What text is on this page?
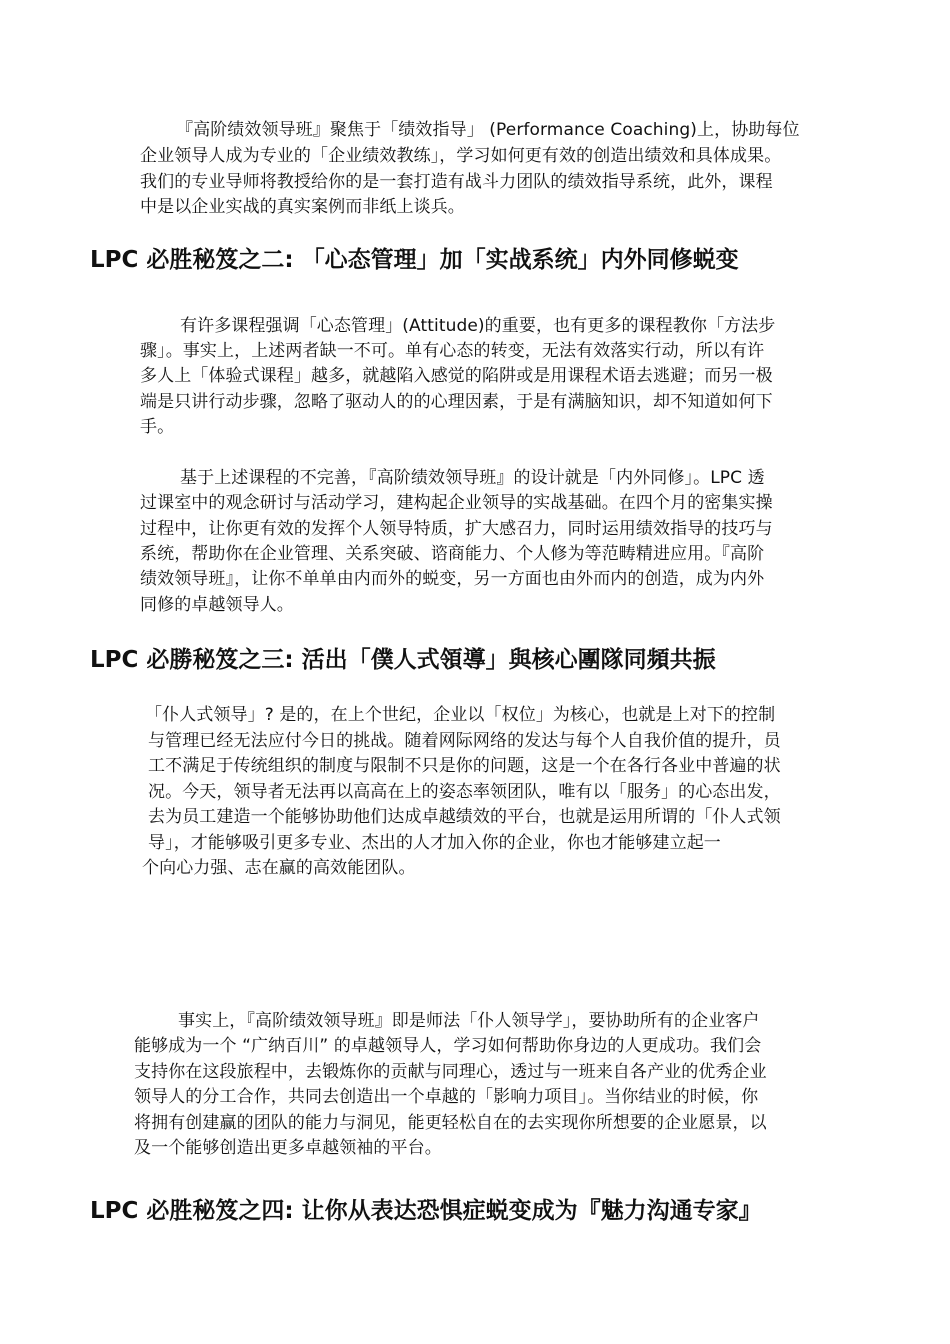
『高阶绩效领导班』聚焦于「绩效指导」 (Performance Coaching)上，协助每位
企业领导人成为专业的「企业绩效教练」，学习如何更有效的创造出绩效和具体成果。
我们的专业导师将教授给你的是一套打造有战斗力团队的绩效指导系统，此外，课程
中是以企业实战的真实案例而非纸上谈兵。
LPC 必胜秘笈之二: 「心态管理」加「实战系统」内外同修蜕变
有许多课程强调「心态管理」(Attitude)的重要，也有更多的课程教你「方法步
骤」。事实上，上述两者缺一不可。单有心态的转变，无法有效落实行动，所以有许
多人上「体验式课程」越多，就越陷入感觉的陷阱或是用课程术语去逃避；而另一极
端是只讲行动步骤，忽略了驱动人的的心理因素，于是有满脑知识，却不知道如何下
手。
基于上述课程的不完善，『高阶绩效领导班』的设计就是「内外同修」。LPC 透
过课室中的观念研讨与活动学习，建构起企业领导的实战基础。在四个月的密集实操
过程中，让你更有效的发挥个人领导特质，扩大感召力，同时运用绩效指导的技巧与
系统，帮助你在企业管理、关系突破、谘商能力、个人修为等范畴精进应用。『高阶
绩效领导班』，让你不单单由内而外的蜕变，另一方面也由外而内的创造，成为内外
同修的卓越领导人。
LPC 必勝秘笈之三: 活出「僕人式領導」與核心團隊同頻共振
「仆人式领导」? 是的，在上个世纪，企业以「权位」为核心，也就是上对下的控制
与管理已经无法应付今日的挑战。随着网际网络的发达与每个人自我价值的提升，员
工不满足于传统组织的制度与限制不只是你的问题，这是一个在各行各业中普遍的状
况。今天，领导者无法再以高高在上的姿态率领团队，唯有以「服务」的心态出发，
去为员工建造一个能够协助他们达成卓越绩效的平台，也就是运用所谓的「仆人式领
导」，才能够吸引更多专业、杰出的人才加入你的企业，你也才能够建立起一
个向心力强、志在赢的高效能团队。
事实上，『高阶绩效领导班』即是师法「仆人领导学」，要协助所有的企业客户
能够成为一个 “广纳百川” 的卓越领导人，学习如何帮助你身边的人更成功。我们会
支持你在这段旅程中，去锻炼你的贡献与同理心，透过与一班来自各产业的优秀企业
领导人的分工合作，共同去创造出一个卓越的「影响力项目」。当你结业的时候，你
将拥有创建赢的团队的能力与洞见，能更轻松自在的去实现你所想要的企业愿景，以
及一个能够创造出更多卓越领袖的平台。
LPC 必胜秘笈之四: 让你从表达恐惧症蜕变成为『魅力沟通专家』
